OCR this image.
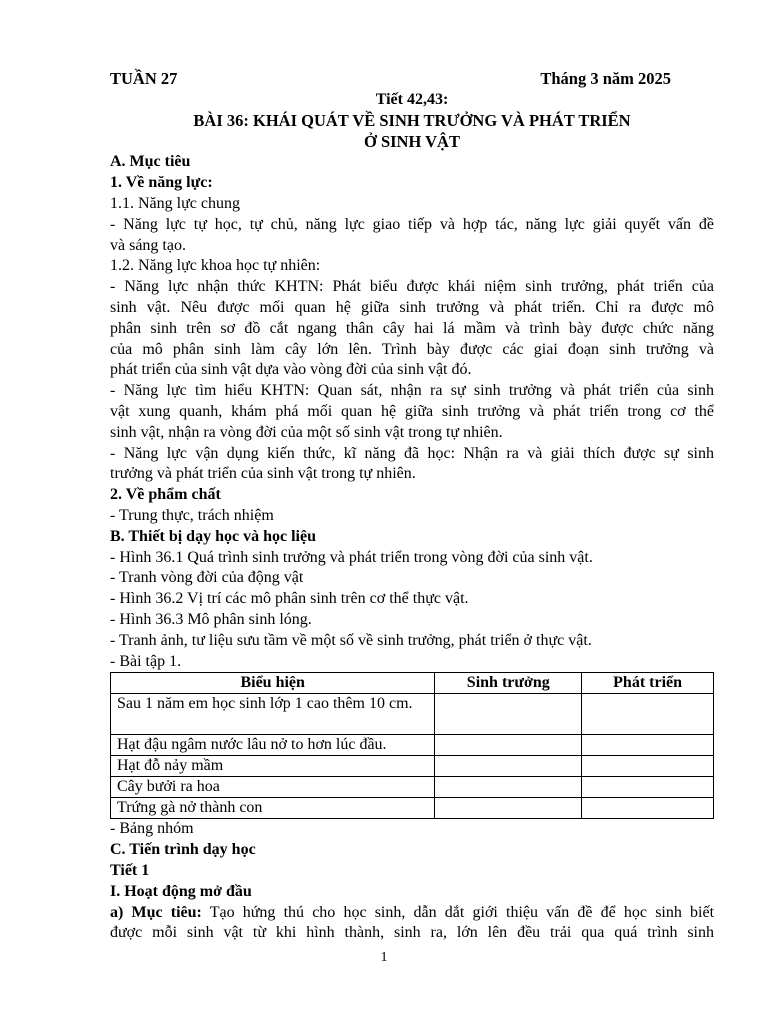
TUẦN 27	Tháng 3 năm 2025
Tiết 42,43:
BÀI 36: KHÁI QUÁT VỀ SINH TRƯỞNG VÀ PHÁT TRIỂN
Ở SINH VẬT
A. Mục tiêu
1. Về năng lực:
1.1. Năng lực chung
- Năng lực tự học, tự chủ, năng lực giao tiếp và hợp tác, năng lực giải quyết vấn đề
và sáng tạo.
1.2. Năng lực khoa học tự nhiên:
- Năng lực nhận thức KHTN: Phát biểu được khái niệm sinh trưởng, phát triển của
sinh vật. Nêu được mối quan hệ giữa sinh trưởng và phát triển. Chỉ ra được mô
phân sinh trên sơ đồ cắt ngang thân cây hai lá mầm và trình bày được chức năng
của mô phân sinh làm cây lớn lên. Trình bày được các giai đoạn sinh trưởng và
phát triển của sinh vật dựa vào vòng đời của sinh vật đó.
- Năng lực tìm hiểu KHTN: Quan sát, nhận ra sự sinh trưởng và phát triển của sinh
vật xung quanh, khám phá mối quan hệ giữa sinh trưởng và phát triển trong cơ thể
sinh vật, nhận ra vòng đời của một số sinh vật trong tự nhiên.
- Năng lực vận dụng kiến thức, kĩ năng đã học: Nhận ra và giải thích được sự sinh
trưởng và phát triển của sinh vật trong tự nhiên.
2. Về phẩm chất
- Trung thực, trách nhiệm
B. Thiết bị dạy học và học liệu
- Hình 36.1 Quá trình sinh trưởng và phát triển trong vòng đời của sinh vật.
- Tranh vòng đời của động vật
- Hình 36.2 Vị trí các mô phân sinh trên cơ thể thực vật.
- Hình 36.3 Mô phân sinh lóng.
- Tranh ảnh, tư liệu sưu tầm về một số về sinh trưởng, phát triển ở thực vật.
- Bài tập 1.
Biểu hiện	Sinh trưởng	Phát triển
Sau 1 năm em học sinh lớp 1 cao thêm 10 cm.		
Hạt đậu ngâm nước lâu nở to hơn lúc đầu.		
Hạt đỗ nảy mầm		
Cây bưởi ra hoa		
Trứng gà nở thành con		
- Bảng nhóm
C. Tiến trình dạy học
Tiết 1
I. Hoạt động mở đầu
a) Mục tiêu: Tạo hứng thú cho học sinh, dẫn dắt giới thiệu vấn đề để học sinh biết
được mỗi sinh vật từ khi hình thành, sinh ra, lớn lên đều trải qua quá trình sinh
1
